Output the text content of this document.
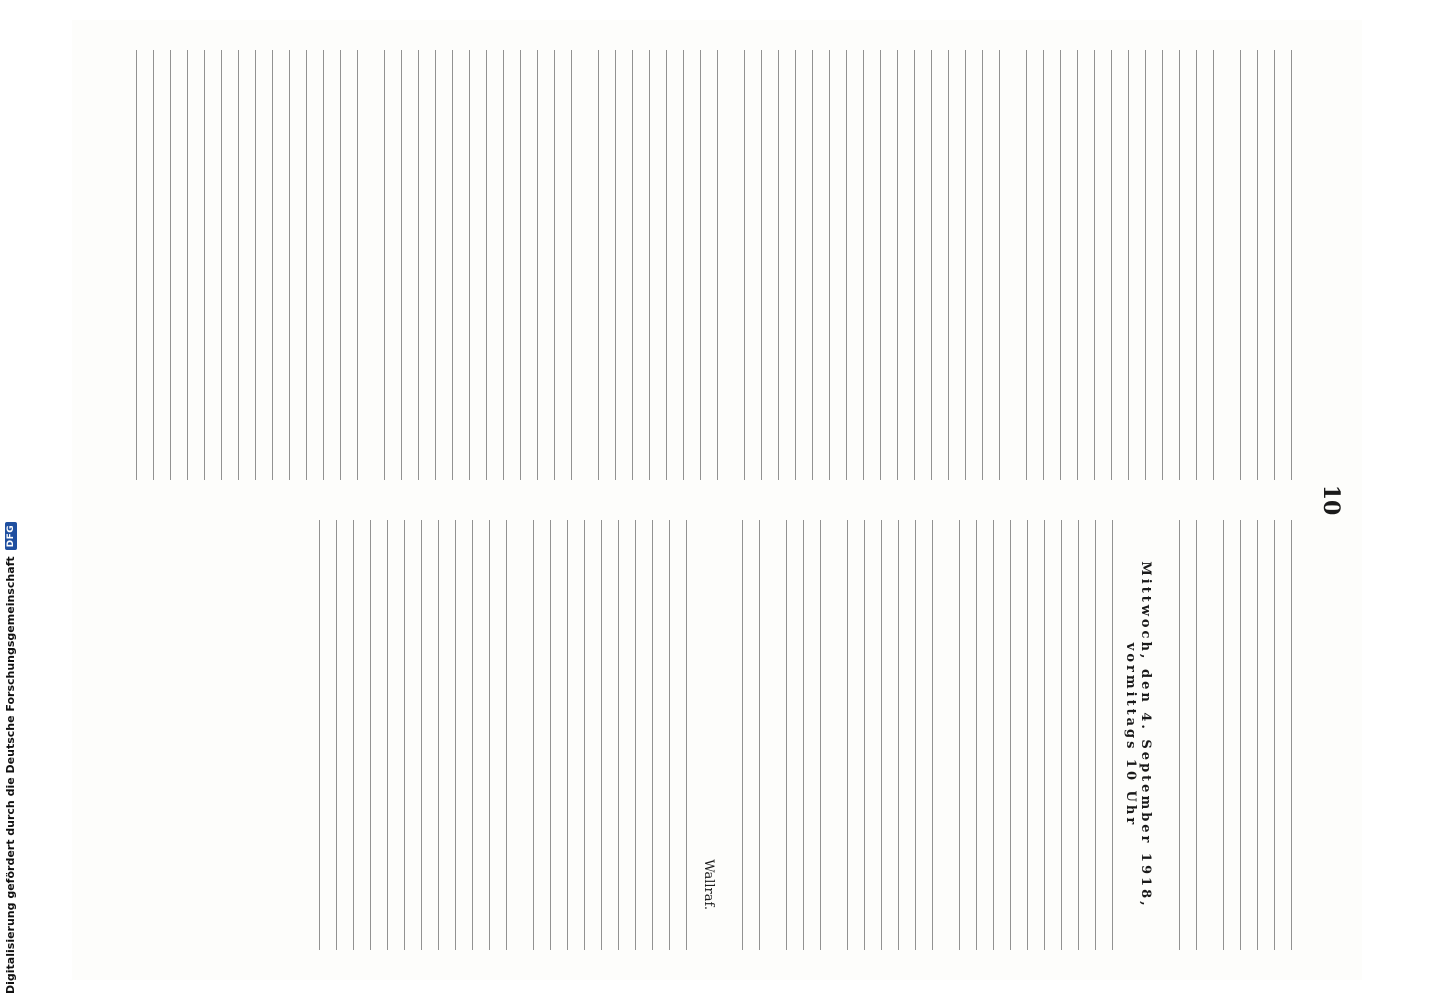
10

Mittwoch, den 4. September 1918, vormittags 10 Uhr

Wallraf.

Digitalisierung gefördert durch die Deutsche Forschungsgemeinschaft
DFG
